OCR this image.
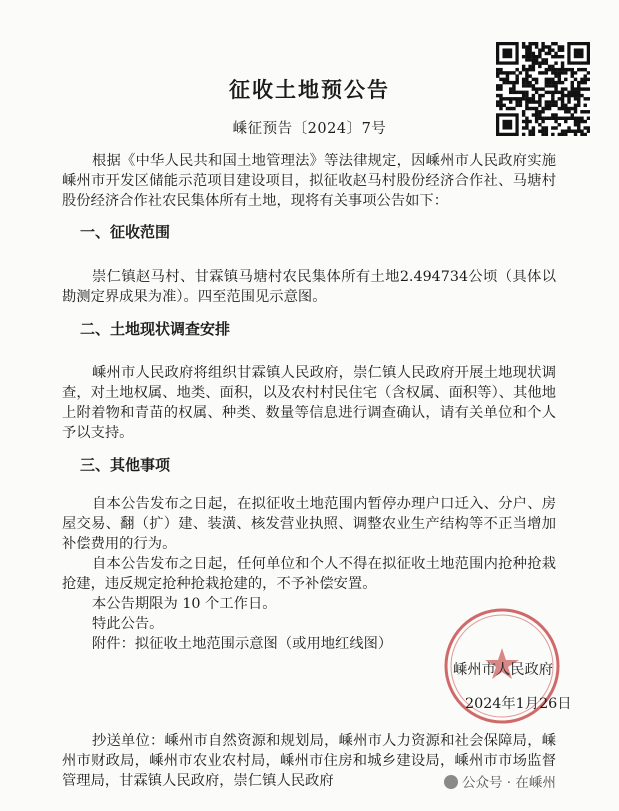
征收土地预公告
嵊征预告〔2024〕7号
根据《中华人民共和国土地管理法》等法律规定，因嵊州市人民政府实施嵊州市开发区储能示范项目建设项目，拟征收赵马村股份经济合作社、马塘村股份经济合作社农民集体所有土地，现将有关事项公告如下：
一、征收范围
崇仁镇赵马村、甘霖镇马塘村农民集体所有土地2.494734公顷（具体以勘测定界成果为准）。四至范围见示意图。
二、土地现状调查安排
嵊州市人民政府将组织甘霖镇人民政府，崇仁镇人民政府开展土地现状调查，对土地权属、地类、面积，以及农村村民住宅（含权属、面积等）、其他地上附着物和青苗的权属、种类、数量等信息进行调查确认，请有关单位和个人予以支持。
三、其他事项
自本公告发布之日起，在拟征收土地范围内暂停办理户口迁入、分户、房屋交易、翻（扩）建、装潢、核发营业执照、调整农业生产结构等不正当增加补偿费用的行为。
自本公告发布之日起，任何单位和个人不得在拟征收土地范围内抢种抢栽抢建，违反规定抢种抢栽抢建的，不予补偿安置。
本公告期限为 10 个工作日。
特此公告。
附件：拟征收土地范围示意图（或用地红线图）
嵊州市人民政府
2024年1月26日
抄送单位：嵊州市自然资源和规划局，嵊州市人力资源和社会保障局，嵊州市财政局，嵊州市农业农村局，嵊州市住房和城乡建设局，嵊州市市场监督管理局，甘霖镇人民政府，崇仁镇人民政府	公众号 · 在嵊州
